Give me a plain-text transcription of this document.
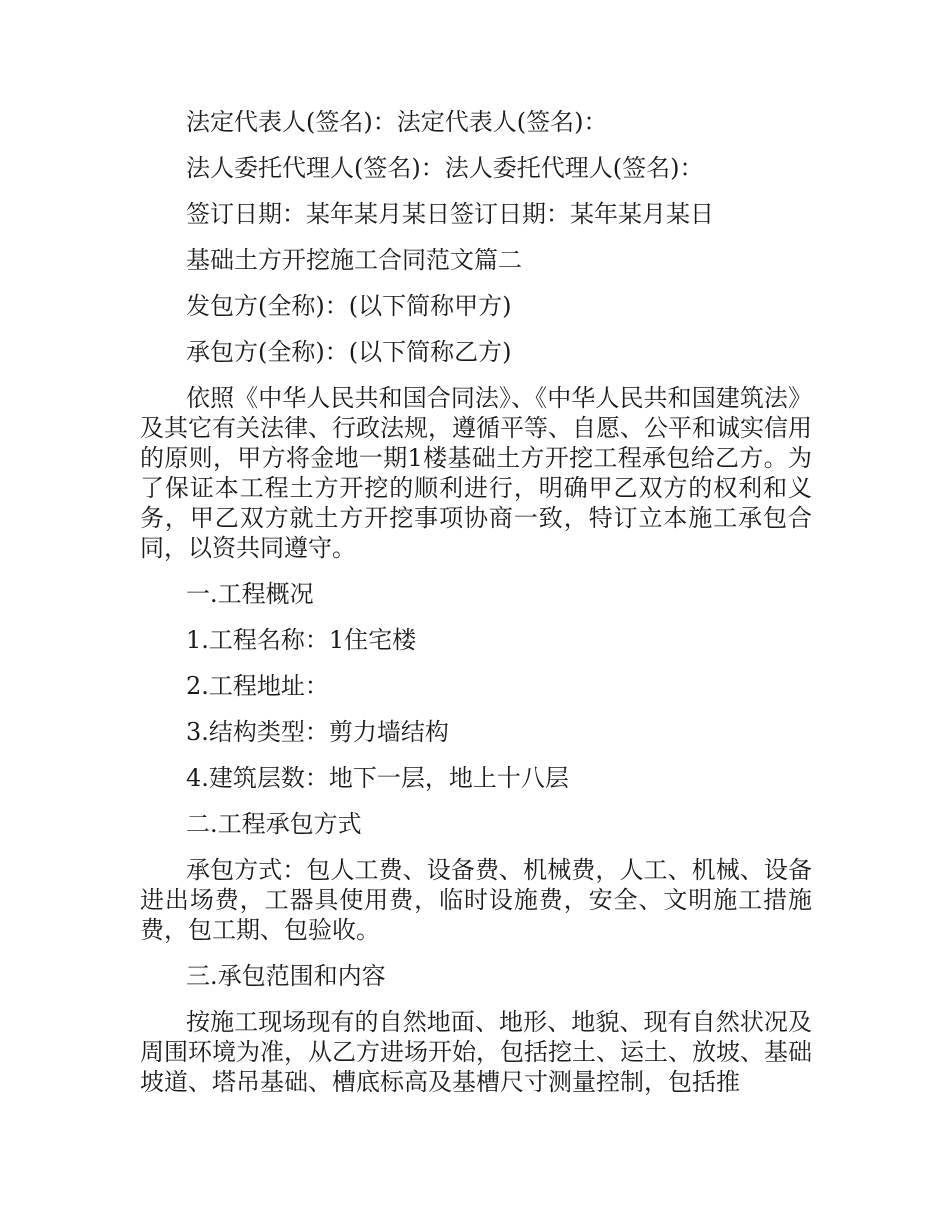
法定代表人(签名)：法定代表人(签名)：

法人委托代理人(签名)：法人委托代理人(签名)：

签订日期：某年某月某日签订日期：某年某月某日

基础土方开挖施工合同范文篇二

发包方(全称)：(以下简称甲方)

承包方(全称)：(以下简称乙方)

依照《中华人民共和国合同法》、《中华人民共和国建筑法》及其它有关法律、行政法规，遵循平等、自愿、公平和诚实信用的原则，甲方将金地一期1楼基础土方开挖工程承包给乙方。为了保证本工程土方开挖的顺利进行，明确甲乙双方的权利和义务，甲乙双方就土方开挖事项协商一致，特订立本施工承包合同，以资共同遵守。

一.工程概况

1.工程名称：1住宅楼

2.工程地址：

3.结构类型：剪力墙结构

4.建筑层数：地下一层，地上十八层

二.工程承包方式

承包方式：包人工费、设备费、机械费，人工、机械、设备进出场费，工器具使用费，临时设施费，安全、文明施工措施费，包工期、包验收。

三.承包范围和内容

按施工现场现有的自然地面、地形、地貌、现有自然状况及周围环境为准，从乙方进场开始，包括挖土、运土、放坡、基础坡道、塔吊基础、槽底标高及基槽尺寸测量控制，包括推
